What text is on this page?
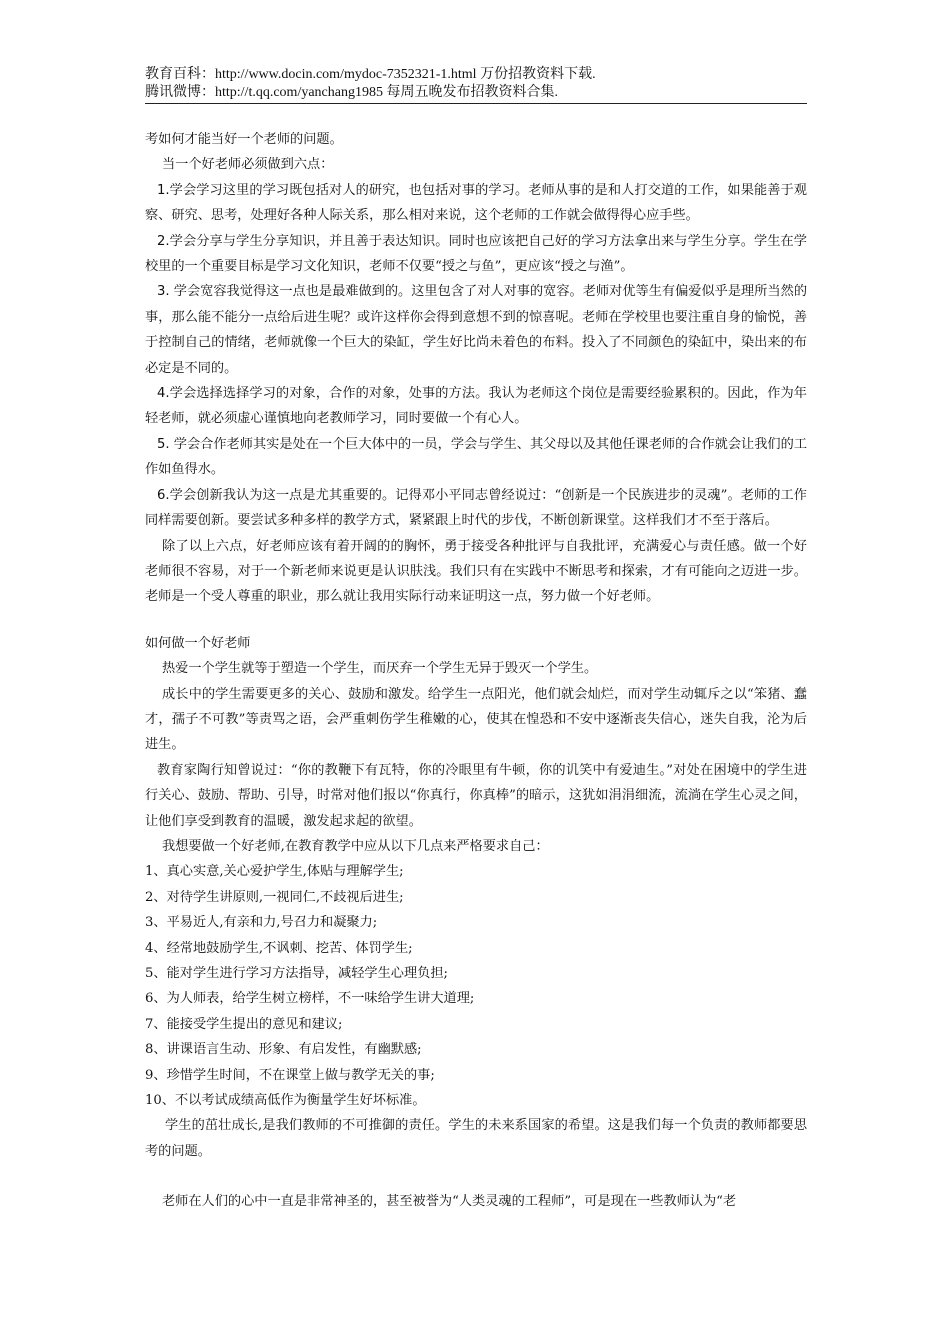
教育百科：http://www.docin.com/mydoc-7352321-1.html 万份招教资料下载.
腾讯微博：http://t.qq.com/yanchang1985 每周五晚发布招教资料合集.

考如何才能当好一个老师的问题。

当一个好老师必须做到六点：

1.学会学习这里的学习既包括对人的研究，也包括对事的学习。老师从事的是和人打交道的工作，如果能善于观察、研究、思考，处理好各种人际关系，那么相对来说，这个老师的工作就会做得得心应手些。

2.学会分享与学生分享知识，并且善于表达知识。同时也应该把自己好的学习方法拿出来与学生分享。学生在学校里的一个重要目标是学习文化知识，老师不仅要“授之与鱼”，更应该“授之与渔”。

3. 学会宽容我觉得这一点也是最难做到的。这里包含了对人对事的宽容。老师对优等生有偏爱似乎是理所当然的事，那么能不能分一点给后进生呢？或许这样你会得到意想不到的惊喜呢。老师在学校里也要注重自身的愉悦，善于控制自己的情绪，老师就像一个巨大的染缸，学生好比尚未着色的布料。投入了不同颜色的染缸中，染出来的布必定是不同的。

4.学会选择选择学习的对象，合作的对象，处事的方法。我认为老师这个岗位是需要经验累积的。因此，作为年轻老师，就必须虚心谨慎地向老教师学习，同时要做一个有心人。

5. 学会合作老师其实是处在一个巨大体中的一员，学会与学生、其父母以及其他任课老师的合作就会让我们的工作如鱼得水。

6.学会创新我认为这一点是尤其重要的。记得邓小平同志曾经说过：“创新是一个民族进步的灵魂”。老师的工作同样需要创新。要尝试多种多样的教学方式，紧紧跟上时代的步伐，不断创新课堂。这样我们才不至于落后。

除了以上六点，好老师应该有着开阔的的胸怀，勇于接受各种批评与自我批评，充满爱心与责任感。做一个好老师很不容易，对于一个新老师来说更是认识肤浅。我们只有在实践中不断思考和探索，才有可能向之迈进一步。老师是一个受人尊重的职业，那么就让我用实际行动来证明这一点，努力做一个好老师。

如何做一个好老师

热爱一个学生就等于塑造一个学生，而厌弃一个学生无异于毁灭一个学生。

成长中的学生需要更多的关心、鼓励和激发。给学生一点阳光，他们就会灿烂，而对学生动辄斥之以“笨猪、蠢才，孺子不可教”等责骂之语，会严重刺伤学生稚嫩的心，使其在惶恐和不安中逐渐丧失信心，迷失自我，沦为后进生。

教育家陶行知曾说过：“你的教鞭下有瓦特，你的冷眼里有牛顿，你的讥笑中有爱迪生。”对处在困境中的学生进行关心、鼓励、帮助、引导，时常对他们报以“你真行，你真棒”的暗示，这犹如涓涓细流，流淌在学生心灵之间，让他们享受到教育的温暖，激发起求起的欲望。

我想要做一个好老师,在教育教学中应从以下几点来严格要求自己：

1、真心实意,关心爱护学生,体贴与理解学生;

2、对待学生讲原则,一视同仁,不歧视后进生;

3、平易近人,有亲和力,号召力和凝聚力;

4、经常地鼓励学生,不讽刺、挖苦、体罚学生;

5、能对学生进行学习方法指导，减轻学生心理负担;

6、为人师表，给学生树立榜样，不一味给学生讲大道理;

7、能接受学生提出的意见和建议;

8、讲课语言生动、形象、有启发性，有幽默感;

9、珍惜学生时间，不在课堂上做与教学无关的事;

10、不以考试成绩高低作为衡量学生好坏标准。

学生的茁壮成长,是我们教师的不可推御的责任。学生的未来系国家的希望。这是我们每一个负责的教师都要思考的问题。

老师在人们的心中一直是非常神圣的，甚至被誉为“人类灵魂的工程师”，可是现在一些教师认为“老
